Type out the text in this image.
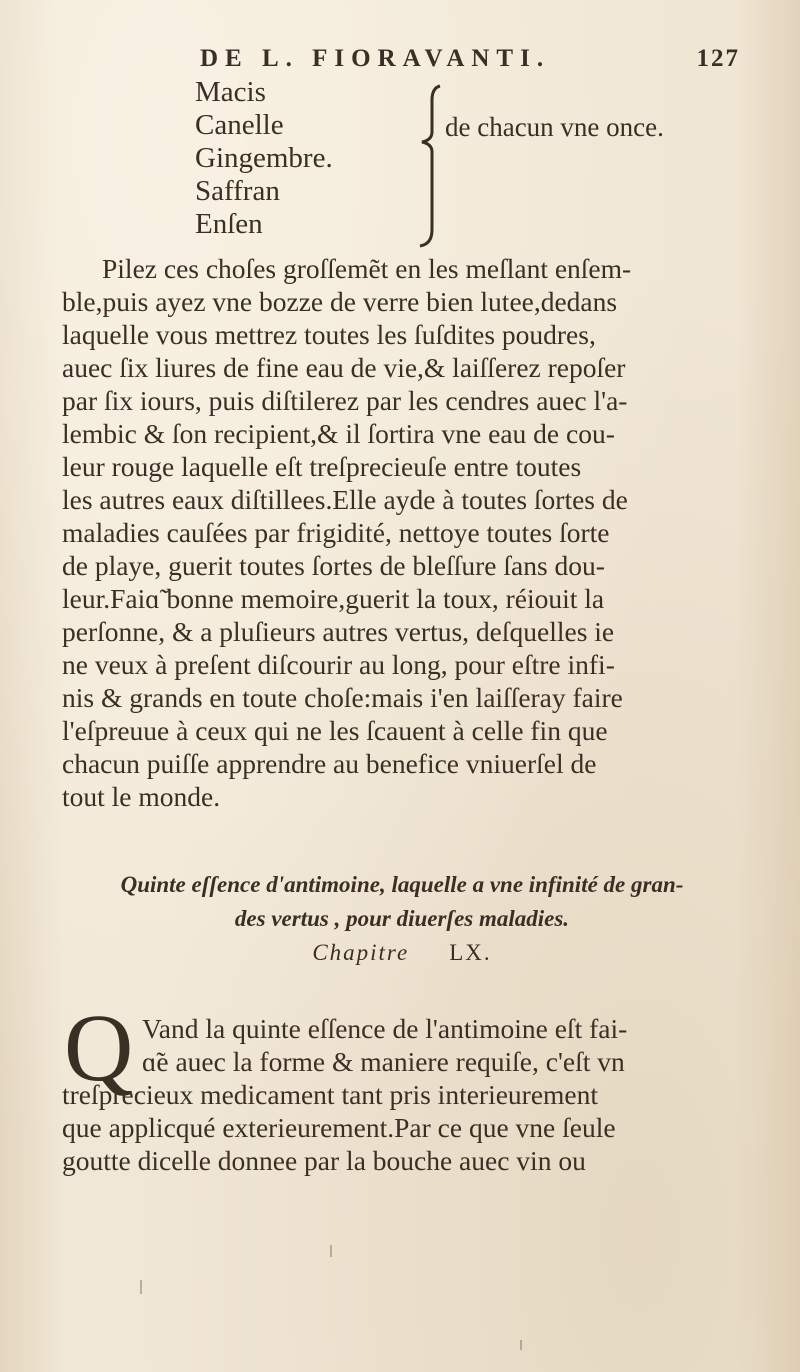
DE L. FIORAVANTI.	127
Macis
Canelle
Gingembre.
Saffran
Enſen
de chacun vne once.
Pilez ces choſes groſſemẽt en les meſlant enſem-
ble,puis ayez vne bozze de verre bien lutee,dedans
laquelle vous mettrez toutes les ſuſdites poudres,
auec ſix liures de fine eau de vie,& laiſſerez repoſer
par ſix iours, puis diſtilerez par les cendres auec l'a-
lembic & ſon recipient,& il ſortira vne eau de cou-
leur rouge laquelle eſt treſprecieuſe entre toutes
les autres eaux diſtillees.Elle ayde à toutes ſortes de
maladies cauſées par frigidité, nettoye toutes ſorte
de playe, guerit toutes ſortes de bleſſure ſans dou-
leur.Faiɑ̃ bonne memoire,guerit la toux, réiouit la
perſonne, & a pluſieurs autres vertus, deſquelles ie
ne veux à preſent diſcourir au long, pour eſtre infi-
nis & grands en toute choſe:mais i'en laiſſeray faire
l'eſpreuue à ceux qui ne les ſcauent à celle fin que
chacun puiſſe apprendre au benefice vniuerſel de
tout le monde.
Quinte eſſence d'antimoine, laquelle a vne infinité de gran-
des vertus , pour diuerſes maladies.
Chapitre LX.
Q Vand la quinte eſſence de l'antimoine eſt fai-
ɑ̃e auec la forme & maniere requiſe, c'eſt vn
treſprecieux medicament tant pris interieurement
que applicqué exterieurement.Par ce que vne ſeule
goutte dicelle donnee par la bouche auec vin ou
